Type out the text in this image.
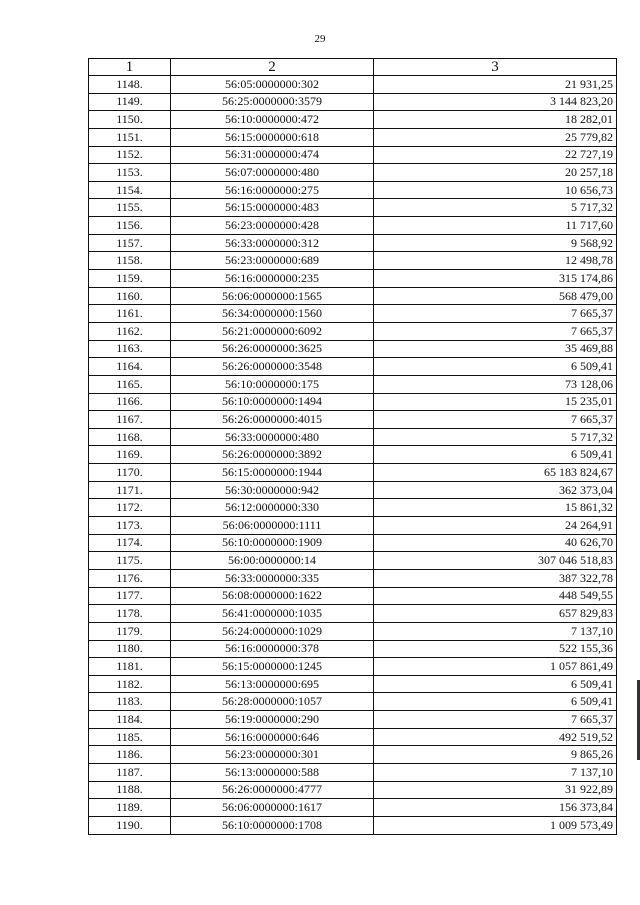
29
1	2	3
1148.	56:05:0000000:302	21 931,25
1149.	56:25:0000000:3579	3 144 823,20
1150.	56:10:0000000:472	18 282,01
1151.	56:15:0000000:618	25 779,82
1152.	56:31:0000000:474	22 727,19
1153.	56:07:0000000:480	20 257,18
1154.	56:16:0000000:275	10 656,73
1155.	56:15:0000000:483	5 717,32
1156.	56:23:0000000:428	11 717,60
1157.	56:33:0000000:312	9 568,92
1158.	56:23:0000000:689	12 498,78
1159.	56:16:0000000:235	315 174,86
1160.	56:06:0000000:1565	568 479,00
1161.	56:34:0000000:1560	7 665,37
1162.	56:21:0000000:6092	7 665,37
1163.	56:26:0000000:3625	35 469,88
1164.	56:26:0000000:3548	6 509,41
1165.	56:10:0000000:175	73 128,06
1166.	56:10:0000000:1494	15 235,01
1167.	56:26:0000000:4015	7 665,37
1168.	56:33:0000000:480	5 717,32
1169.	56:26:0000000:3892	6 509,41
1170.	56:15:0000000:1944	65 183 824,67
1171.	56:30:0000000:942	362 373,04
1172.	56:12:0000000:330	15 861,32
1173.	56:06:0000000:1111	24 264,91
1174.	56:10:0000000:1909	40 626,70
1175.	56:00:0000000:14	307 046 518,83
1176.	56:33:0000000:335	387 322,78
1177.	56:08:0000000:1622	448 549,55
1178.	56:41:0000000:1035	657 829,83
1179.	56:24:0000000:1029	7 137,10
1180.	56:16:0000000:378	522 155,36
1181.	56:15:0000000:1245	1 057 861,49
1182.	56:13:0000000:695	6 509,41
1183.	56:28:0000000:1057	6 509,41
1184.	56:19:0000000:290	7 665,37
1185.	56:16:0000000:646	492 519,52
1186.	56:23:0000000:301	9 865,26
1187.	56:13:0000000:588	7 137,10
1188.	56:26:0000000:4777	31 922,89
1189.	56:06:0000000:1617	156 373,84
1190.	56:10:0000000:1708	1 009 573,49
